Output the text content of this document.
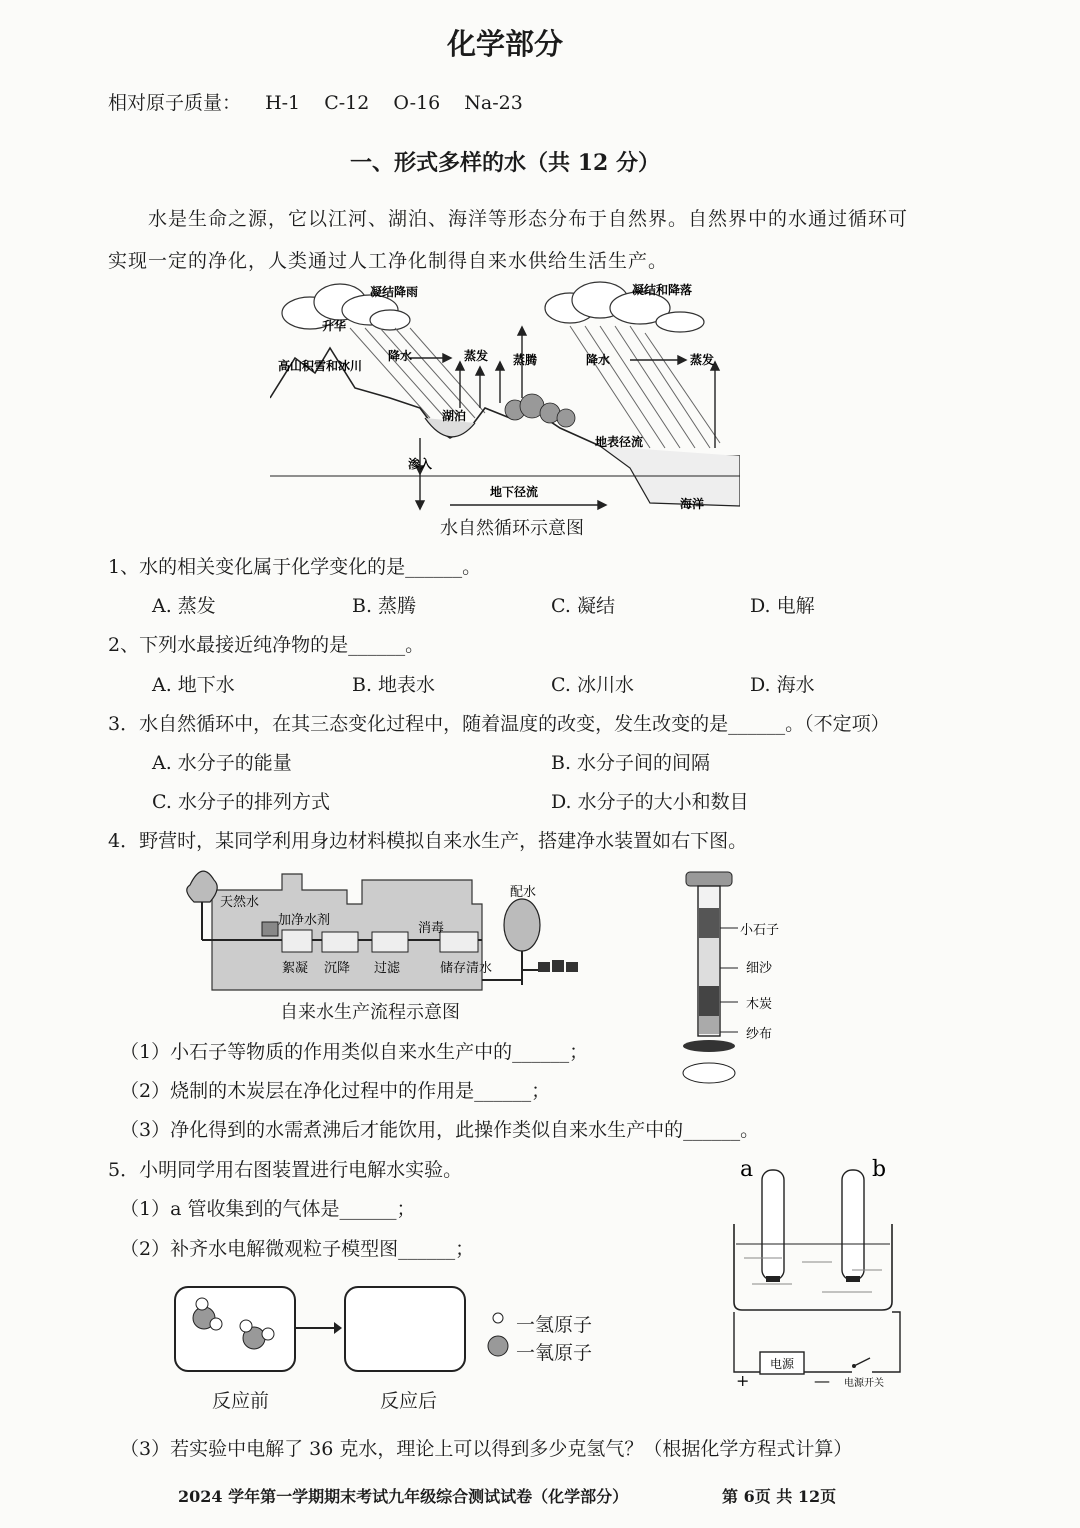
化学部分
相对原子质量： H-1 C-12 O-16 Na-23
一、形式多样的水（共 12 分）
水是生命之源，它以江河、湖泊、海洋等形态分布于自然界。自然界中的水通过循环可
实现一定的净化，人类通过人工净化制得自来水供给生活生产。
凝结降雨	凝结和降落
升华
高山积雪和冰川
降水	蒸发 蒸腾	降水	蒸发
湖泊
地表径流
渗入
地下径流
海洋
水自然循环示意图
1、水的相关变化属于化学变化的是______。
A. 蒸发	B. 蒸腾	C. 凝结	D. 电解
2、下列水最接近纯净物的是______。
A. 地下水	B. 地表水	C. 冰川水	D. 海水
3．水自然循环中，在其三态变化过程中，随着温度的改变，发生改变的是______。（不定项）
A. 水分子的能量	B. 水分子间的间隔
C. 水分子的排列方式	D. 水分子的大小和数目
4．野营时，某同学利用身边材料模拟自来水生产，搭建净水装置如右下图。
天然水
加净水剂
絮凝 沉降 过滤
消毒
储存清水
配水
自来水生产流程示意图
小石子
细沙
木炭
纱布
（1）小石子等物质的作用类似自来水生产中的______；
（2）烧制的木炭层在净化过程中的作用是______；
（3）净化得到的水需煮沸后才能饮用，此操作类似自来水生产中的______。
5．小明同学用右图装置进行电解水实验。
（1）a 管收集到的气体是______；
（2）补齐水电解微观粒子模型图______；
一氢原子
一氧原子
反应前	反应后
a	b
电源
+	— 电源开关
（3）若实验中电解了 36 克水，理论上可以得到多少克氢气？（根据化学方程式计算）
2024 学年第一学期期末考试九年级综合测试试卷（化学部分）	第 6页 共 12页
